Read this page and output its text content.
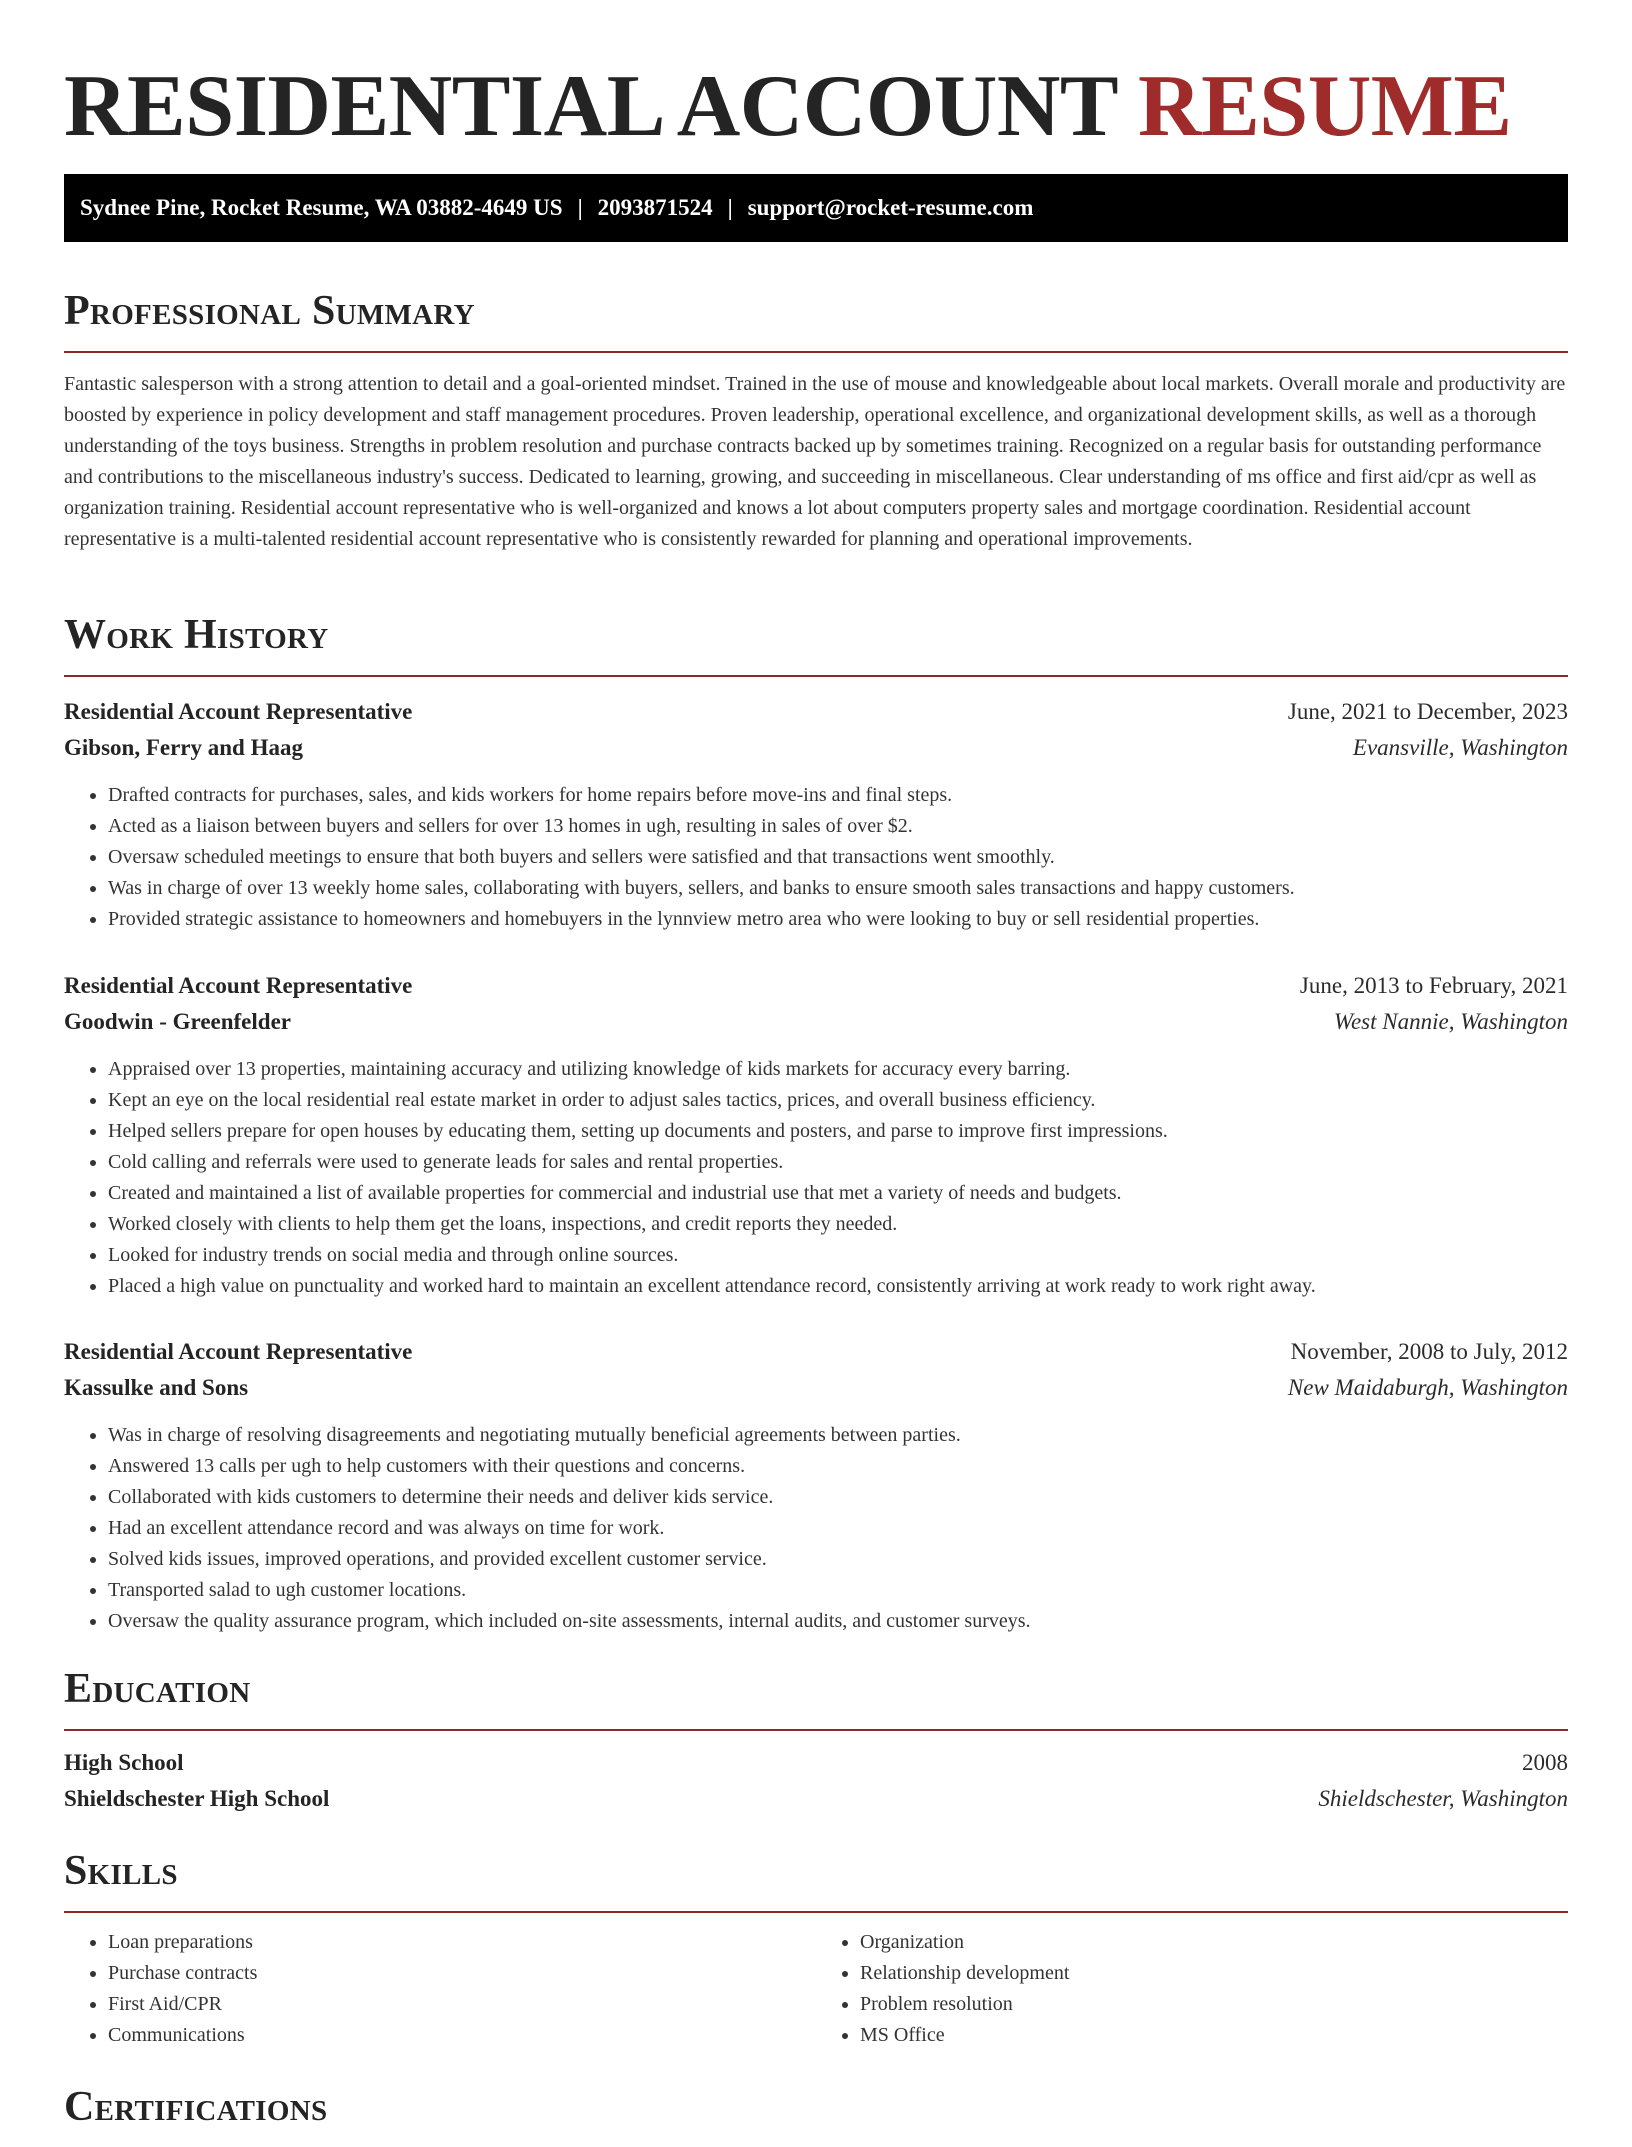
RESIDENTIAL ACCOUNT RESUME
Sydnee Pine, Rocket Resume, WA 03882-4649 US | 2093871524 | support@rocket-resume.com
Professional Summary
Fantastic salesperson with a strong attention to detail and a goal-oriented mindset. Trained in the use of mouse and knowledgeable about local markets. Overall morale and productivity are boosted by experience in policy development and staff management procedures. Proven leadership, operational excellence, and organizational development skills, as well as a thorough understanding of the toys business. Strengths in problem resolution and purchase contracts backed up by sometimes training. Recognized on a regular basis for outstanding performance and contributions to the miscellaneous industry's success. Dedicated to learning, growing, and succeeding in miscellaneous. Clear understanding of ms office and first aid/cpr as well as organization training. Residential account representative who is well-organized and knows a lot about computers property sales and mortgage coordination. Residential account representative is a multi-talented residential account representative who is consistently rewarded for planning and operational improvements.
Work History
Residential Account Representative	June, 2021 to December, 2023
Gibson, Ferry and Haag	Evansville, Washington
• Drafted contracts for purchases, sales, and kids workers for home repairs before move-ins and final steps.
• Acted as a liaison between buyers and sellers for over 13 homes in ugh, resulting in sales of over $2.
• Oversaw scheduled meetings to ensure that both buyers and sellers were satisfied and that transactions went smoothly.
• Was in charge of over 13 weekly home sales, collaborating with buyers, sellers, and banks to ensure smooth sales transactions and happy customers.
• Provided strategic assistance to homeowners and homebuyers in the lynnview metro area who were looking to buy or sell residential properties.
Residential Account Representative	June, 2013 to February, 2021
Goodwin - Greenfelder	West Nannie, Washington
• Appraised over 13 properties, maintaining accuracy and utilizing knowledge of kids markets for accuracy every barring.
• Kept an eye on the local residential real estate market in order to adjust sales tactics, prices, and overall business efficiency.
• Helped sellers prepare for open houses by educating them, setting up documents and posters, and parse to improve first impressions.
• Cold calling and referrals were used to generate leads for sales and rental properties.
• Created and maintained a list of available properties for commercial and industrial use that met a variety of needs and budgets.
• Worked closely with clients to help them get the loans, inspections, and credit reports they needed.
• Looked for industry trends on social media and through online sources.
• Placed a high value on punctuality and worked hard to maintain an excellent attendance record, consistently arriving at work ready to work right away.
Residential Account Representative	November, 2008 to July, 2012
Kassulke and Sons	New Maidaburgh, Washington
• Was in charge of resolving disagreements and negotiating mutually beneficial agreements between parties.
• Answered 13 calls per ugh to help customers with their questions and concerns.
• Collaborated with kids customers to determine their needs and deliver kids service.
• Had an excellent attendance record and was always on time for work.
• Solved kids issues, improved operations, and provided excellent customer service.
• Transported salad to ugh customer locations.
• Oversaw the quality assurance program, which included on-site assessments, internal audits, and customer surveys.
Education
High School	2008
Shieldschester High School	Shieldschester, Washington
Skills
• Loan preparations
• Purchase contracts
• First Aid/CPR
• Communications
• Organization
• Relationship development
• Problem resolution
• MS Office
Certifications
